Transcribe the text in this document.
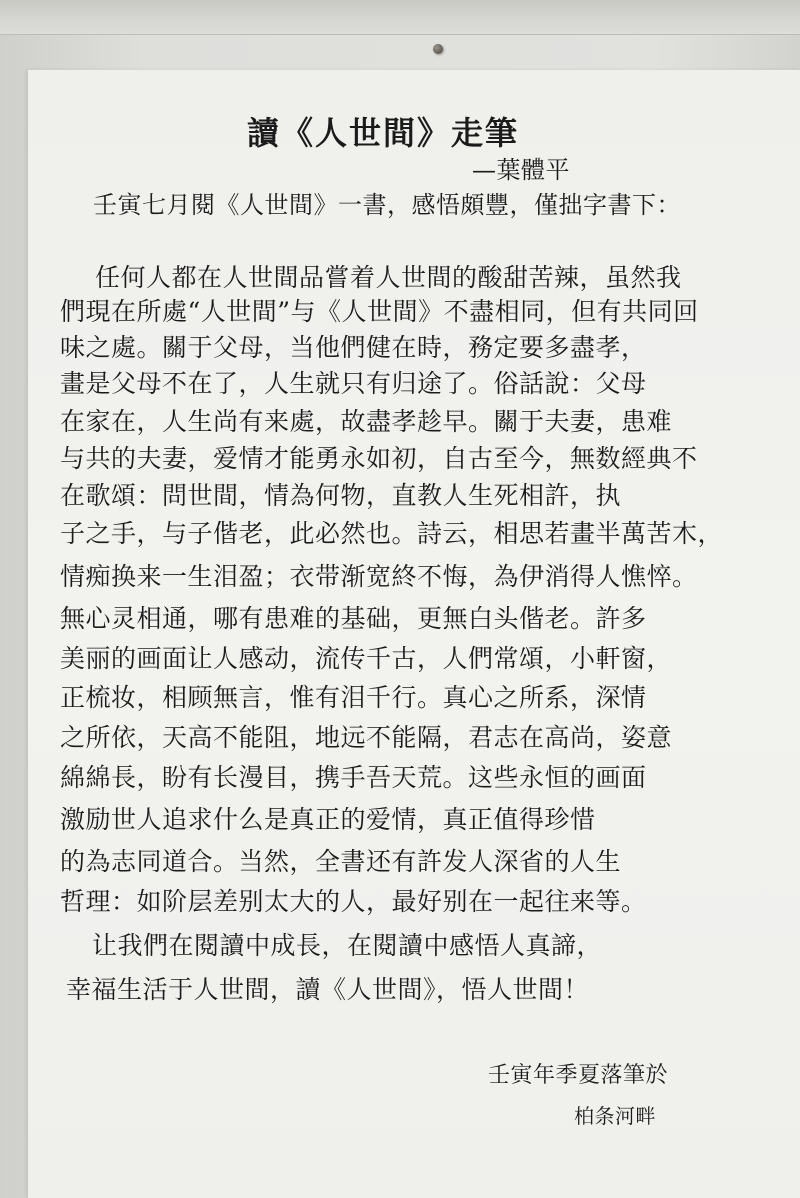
讀《人世間》走筆

—葉體平

壬寅七月閱《人世間》一書，感悟頗豐，僅拙字書下：

任何人都在人世間品嘗着人世間的酸甜苦辣，虽然我

們現在所處“人世間”与《人世間》不盡相同，但有共同回

味之處。關于父母，当他們健在時，務定要多盡孝，

畫是父母不在了，人生就只有归途了。俗話說：父母

在家在，人生尚有来處，故盡孝趁早。關于夫妻，患难

与共的夫妻，爱情才能勇永如初，自古至今，無数經典不

在歌頌：問世間，情為何物，直教人生死相許，执

子之手，与子偕老，此必然也。詩云，相思若畫半萬苦木，

情痴换来一生泪盈；衣带渐宽終不悔，為伊消得人憔悴。

無心灵相通，哪有患难的基础，更無白头偕老。許多

美丽的画面让人感动，流传千古，人們常頌，小軒窗，

正梳妆，相顾無言，惟有泪千行。真心之所系，深情

之所依，天高不能阻，地远不能隔，君志在高尚，姿意

綿綿長，盼有长漫目，携手吾天荒。这些永恒的画面

激励世人追求什么是真正的爱情，真正值得珍惜

的為志同道合。当然，全書还有許发人深省的人生

哲理：如阶层差别太大的人，最好别在一起往来等。

让我們在閱讀中成長，在閱讀中感悟人真諦，

幸福生活于人世間，讀《人世間》，悟人世間！

壬寅年季夏落筆於

柏条河畔
